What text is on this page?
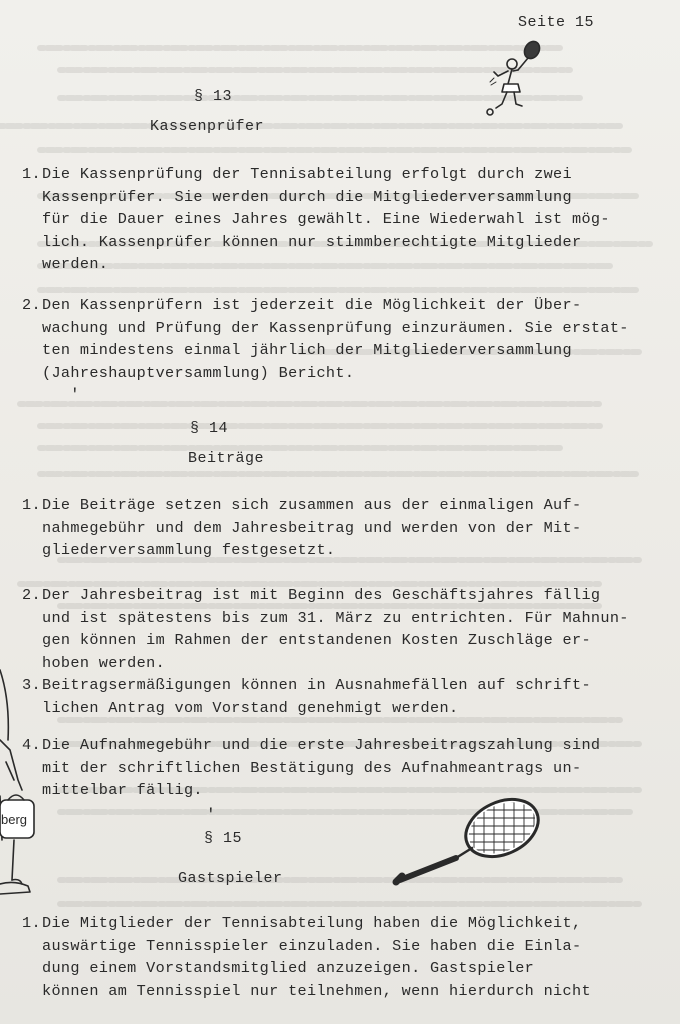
Seite 15
§ 13
Kassenprüfer
1.Die Kassenprüfung der Tennisabteilung erfolgt durch zwei
Kassenprüfer. Sie werden durch die Mitgliederversammlung
für die Dauer eines Jahres gewählt. Eine Wiederwahl ist mög-
lich. Kassenprüfer können nur stimmberechtigte Mitglieder
werden.
2.Den Kassenprüfern ist jederzeit die Möglichkeit der Über-
wachung und Prüfung der Kassenprüfung einzuräumen. Sie erstat-
ten mindestens einmal jährlich der Mitgliederversammlung
(Jahreshauptversammlung) Bericht.
§ 14
Beiträge
1.Die Beiträge setzen sich zusammen aus der einmaligen Auf-
nahmegebühr und dem Jahresbeitrag und werden von der Mit-
gliederversammlung festgesetzt.
2.Der Jahresbeitrag ist mit Beginn des Geschäftsjahres fällig
und ist spätestens bis zum 31. März zu entrichten. Für Mahnun-
gen können im Rahmen der entstandenen Kosten Zuschläge er-
hoben werden.
3.Beitragsermäßigungen können in Ausnahmefällen auf schrift-
lichen Antrag vom Vorstand genehmigt werden.
4.Die Aufnahmegebühr und die erste Jahresbeitragszahlung sind
mit der schriftlichen Bestätigung des Aufnahmeantrags un-
mittelbar fällig.
§ 15
Gastspieler
1.Die Mitglieder der Tennisabteilung haben die Möglichkeit,
auswärtige Tennisspieler einzuladen. Sie haben die Einla-
dung einem Vorstandsmitglied anzuzeigen. Gastspieler
können am Tennisspiel nur teilnehmen, wenn hierdurch nicht
berg
'
'
